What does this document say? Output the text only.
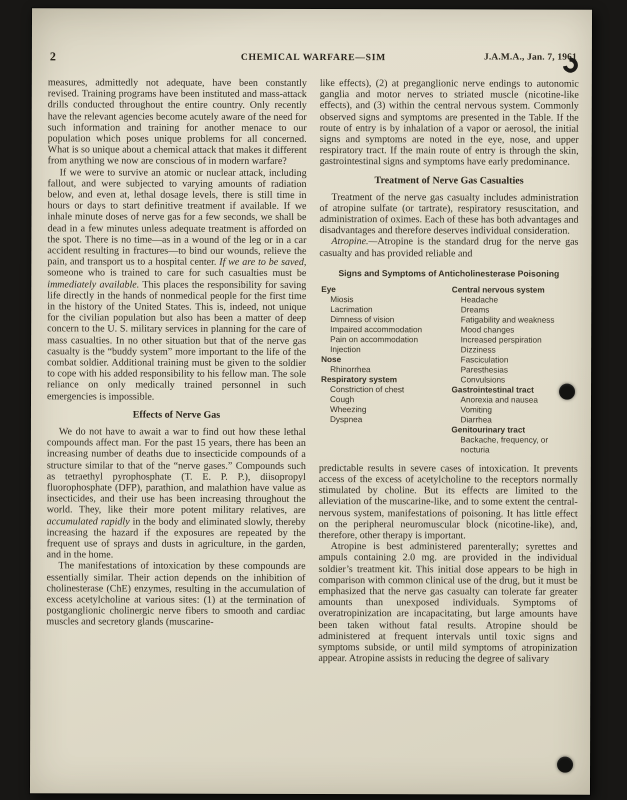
2	CHEMICAL WARFARE—SIM	J.A.M.A., Jan. 7, 1961

measures, admittedly not adequate, have been constantly revised. Training programs have been instituted and mass-attack drills conducted throughout the entire country. Only recently have the relevant agencies become acutely aware of the need for such information and training for another menace to our population which poses unique problems for all concerned. What is so unique about a chemical attack that makes it different from anything we now are conscious of in modern warfare?

If we were to survive an atomic or nuclear attack, including fallout, and were subjected to varying amounts of radiation below, and even at, lethal dosage levels, there is still time in hours or days to start definitive treatment if available. If we inhale minute doses of nerve gas for a few seconds, we shall be dead in a few minutes unless adequate treatment is afforded on the spot. There is no time—as in a wound of the leg or in a car accident resulting in fractures—to bind our wounds, relieve the pain, and transport us to a hospital center. If we are to be saved, someone who is trained to care for such casualties must be immediately available. This places the responsibility for saving life directly in the hands of nonmedical people for the first time in the history of the United States. This is, indeed, not unique for the civilian population but also has been a matter of deep concern to the U. S. military services in planning for the care of mass casualties. In no other situation but that of the nerve gas casualty is the “buddy system” more important to the life of the combat soldier. Additional training must be given to the soldier to cope with his added responsibility to his fellow man. The sole reliance on only medically trained personnel in such emergencies is impossible.

Effects of Nerve Gas

We do not have to await a war to find out how these lethal compounds affect man. For the past 15 years, there has been an increasing number of deaths due to insecticide compounds of a structure similar to that of the “nerve gases.” Compounds such as tetraethyl pyrophosphate (T. E. P. P.), diisopropyl fluorophosphate (DFP), parathion, and malathion have value as insecticides, and their use has been increasing throughout the world. They, like their more potent military relatives, are accumulated rapidly in the body and eliminated slowly, thereby increasing the hazard if the exposures are repeated by the frequent use of sprays and dusts in agriculture, in the garden, and in the home.

The manifestations of intoxication by these compounds are essentially similar. Their action depends on the inhibition of cholinesterase (ChE) enzymes, resulting in the accumulation of excess acetylcholine at various sites: (1) at the termination of postganglionic cholinergic nerve fibers to smooth and cardiac muscles and secretory glands (muscarine-

like effects), (2) at preganglionic nerve endings to autonomic ganglia and motor nerves to striated muscle (nicotine-like effects), and (3) within the central nervous system. Commonly observed signs and symptoms are presented in the Table. If the route of entry is by inhalation of a vapor or aerosol, the initial signs and symptoms are noted in the eye, nose, and upper respiratory tract. If the main route of entry is through the skin, gastrointestinal signs and symptoms have early predominance.

Treatment of Nerve Gas Casualties

Treatment of the nerve gas casualty includes administration of atropine sulfate (or tartrate), respiratory resuscitation, and administration of oximes. Each of these has both advantages and disadvantages and therefore deserves individual consideration.

Atropine.—Atropine is the standard drug for the nerve gas casualty and has provided reliable and

Signs and Symptoms of Anticholinesterase Poisoning
Eye
Miosis
Lacrimation
Dimness of vision
Impaired accommodation
Pain on accommodation
Injection
Nose
Rhinorrhea
Respiratory system
Constriction of chest
Cough
Wheezing
Dyspnea
Central nervous system
Headache
Dreams
Fatigability and weakness
Mood changes
Increased perspiration
Dizziness
Fasciculation
Paresthesias
Convulsions
Gastrointestinal tract
Anorexia and nausea
Vomiting
Diarrhea
Genitourinary tract
Backache, frequency, or nocturia

predictable results in severe cases of intoxication. It prevents access of the excess of acetylcholine to the receptors normally stimulated by choline. But its effects are limited to the alleviation of the muscarine-like, and to some extent the central-nervous system, manifestations of poisoning. It has little effect on the peripheral neuromuscular block (nicotine-like), and, therefore, other therapy is important.

Atropine is best administered parenterally; syrettes and ampuls containing 2.0 mg. are provided in the individual soldier’s treatment kit. This initial dose appears to be high in comparison with common clinical use of the drug, but it must be emphasized that the nerve gas casualty can tolerate far greater amounts than unexposed individuals. Symptoms of overatropinization are incapacitating, but large amounts have been taken without fatal results. Atropine should be administered at frequent intervals until toxic signs and symptoms subside, or until mild symptoms of atropinization appear. Atropine assists in reducing the degree of salivary
